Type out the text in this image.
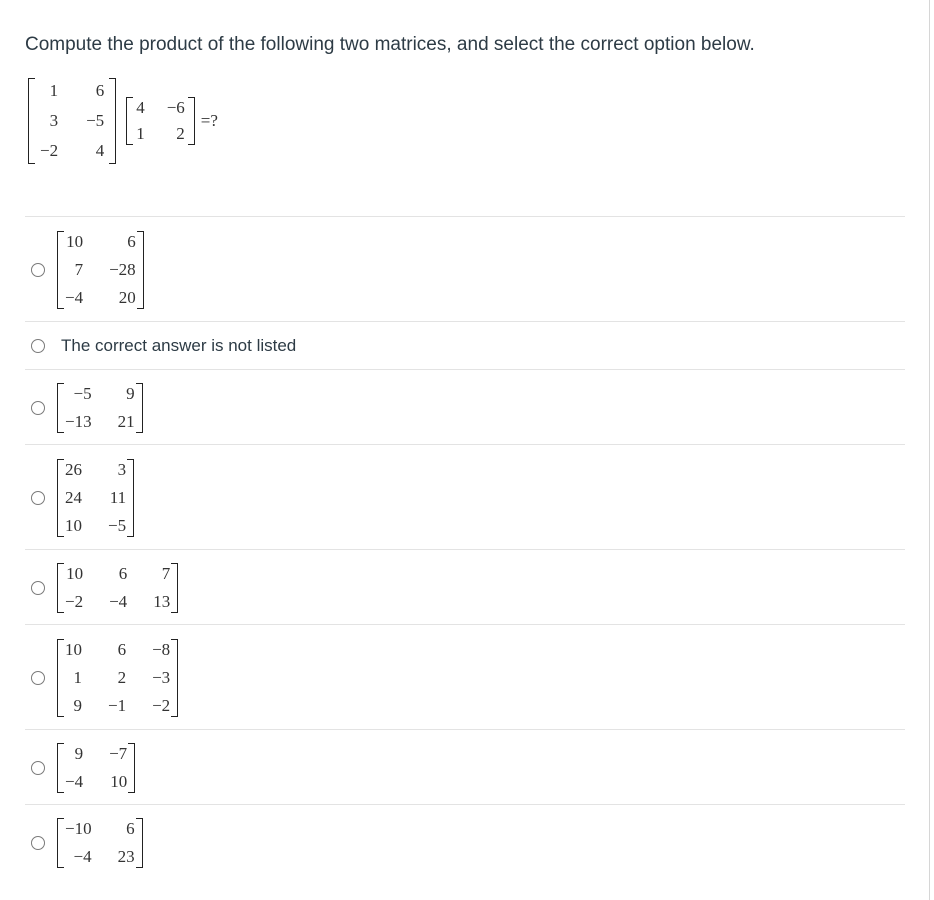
Compute the product of the following two matrices, and select the correct option below.
1 6
3 −5
−2 4
4 −6
1 2
=?
10	6
7 −28
−4 20
The correct answer is not listed
−5 9
−13 21
26 3
24 11
10 −5
10 6 7
−2 −4 13
10 6 −8
1 2 −3
9 −1 −2
9 −7
−4 10
−10 6
−4 23
